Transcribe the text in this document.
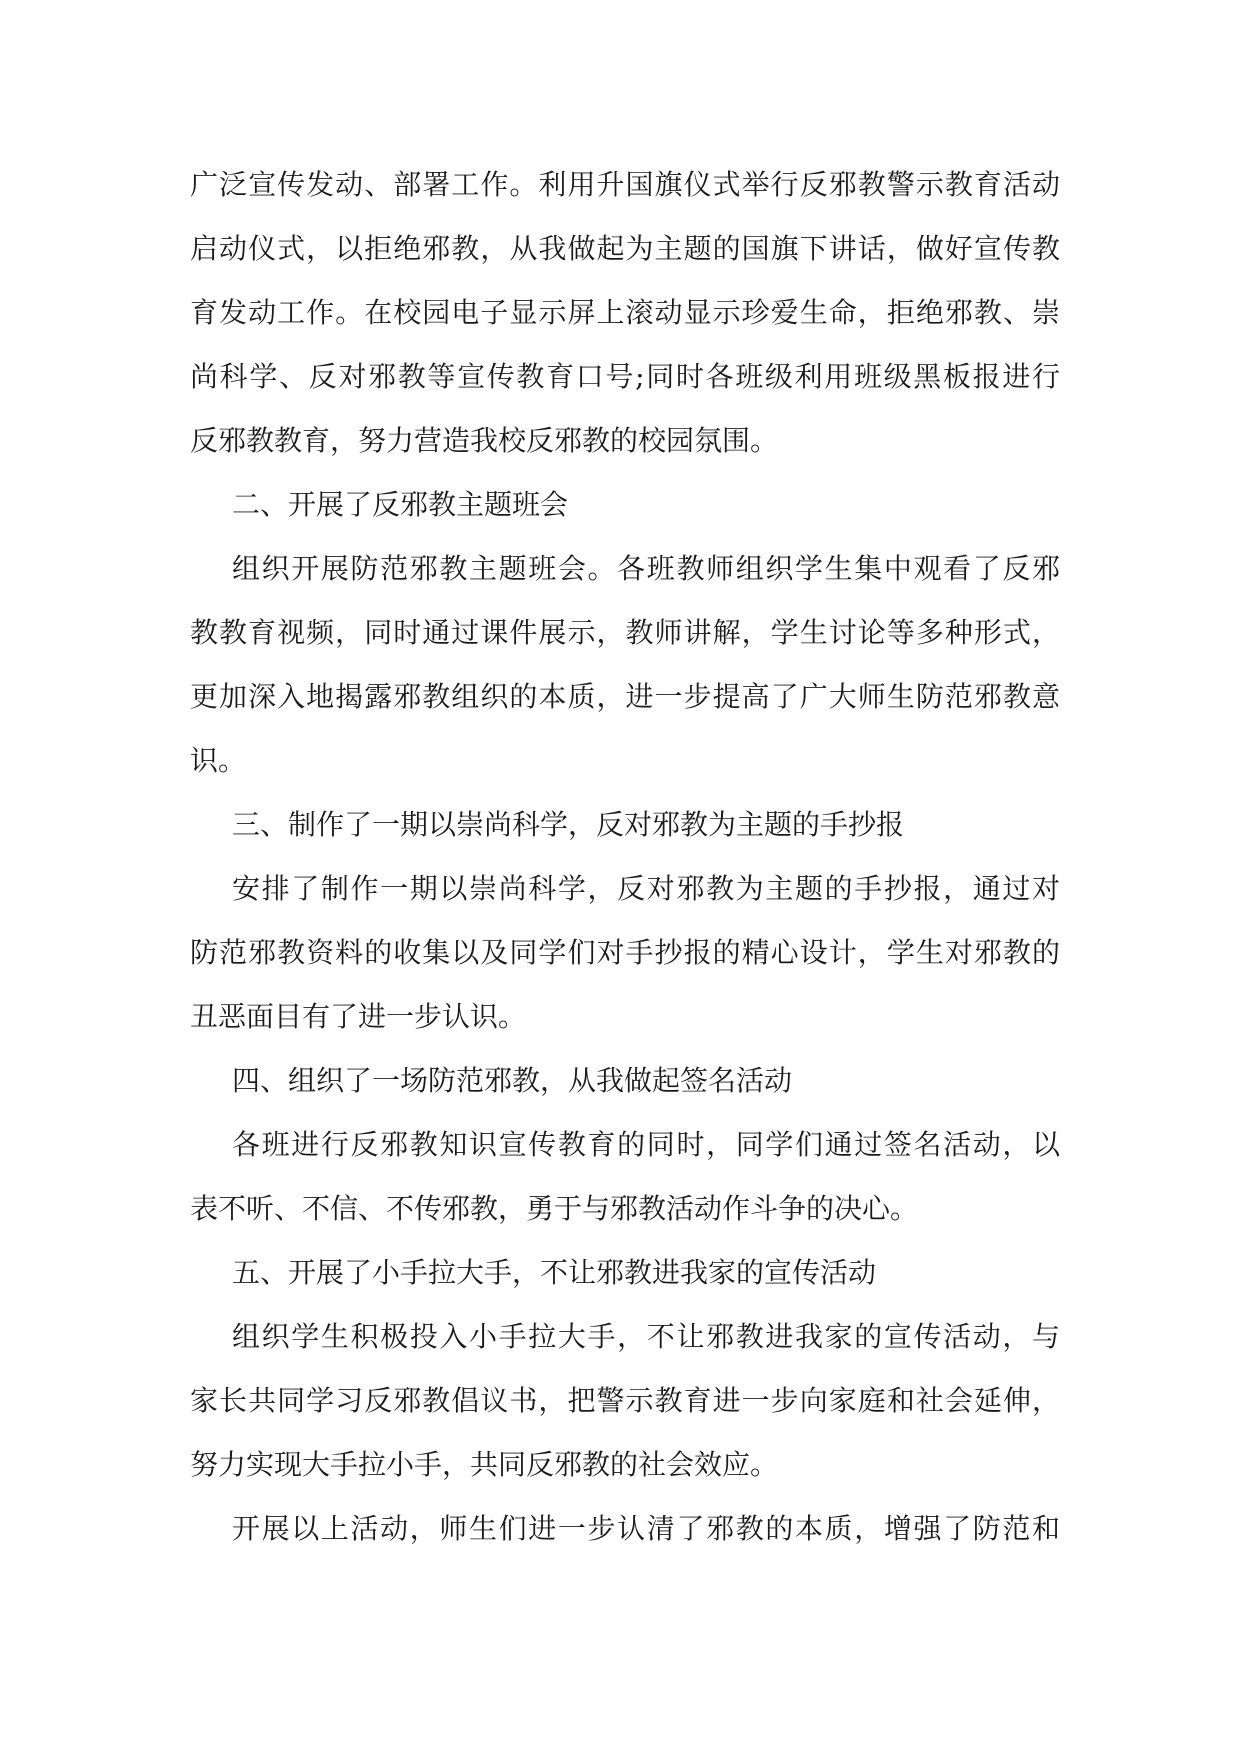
广泛宣传发动、部署工作。利用升国旗仪式举行反邪教警示教育活动
启动仪式，以拒绝邪教，从我做起为主题的国旗下讲话，做好宣传教
育发动工作。在校园电子显示屏上滚动显示珍爱生命，拒绝邪教、崇
尚科学、反对邪教等宣传教育口号;同时各班级利用班级黑板报进行
反邪教教育，努力营造我校反邪教的校园氛围。
二、开展了反邪教主题班会
组织开展防范邪教主题班会。各班教师组织学生集中观看了反邪
教教育视频，同时通过课件展示，教师讲解，学生讨论等多种形式，
更加深入地揭露邪教组织的本质，进一步提高了广大师生防范邪教意
识。
三、制作了一期以崇尚科学，反对邪教为主题的手抄报
安排了制作一期以崇尚科学，反对邪教为主题的手抄报，通过对
防范邪教资料的收集以及同学们对手抄报的精心设计，学生对邪教的
丑恶面目有了进一步认识。
四、组织了一场防范邪教，从我做起签名活动
各班进行反邪教知识宣传教育的同时，同学们通过签名活动，以
表不听、不信、不传邪教，勇于与邪教活动作斗争的决心。
五、开展了小手拉大手，不让邪教进我家的宣传活动
组织学生积极投入小手拉大手，不让邪教进我家的宣传活动，与
家长共同学习反邪教倡议书，把警示教育进一步向家庭和社会延伸，
努力实现大手拉小手，共同反邪教的社会效应。
开展以上活动，师生们进一步认清了邪教的本质，增强了防范和
